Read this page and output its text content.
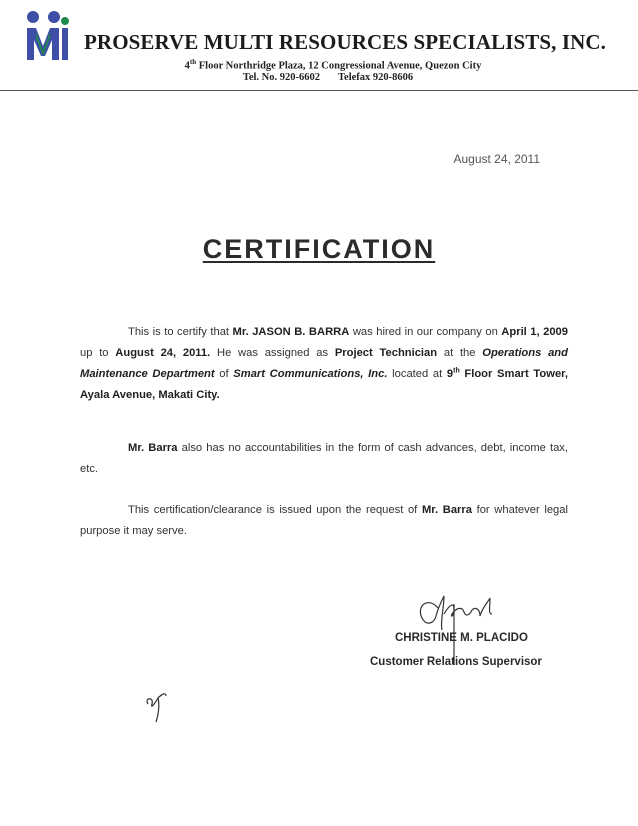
PROSERVE MULTI RESOURCES SPECIALISTS, INC.
4th Floor Northridge Plaza, 12 Congressional Avenue, Quezon City
Tel. No. 920-6602 Telefax 920-8606
August 24, 2011
CERTIFICATION
This is to certify that Mr. JASON B. BARRA was hired in our company on April 1, 2009 up to August 24, 2011. He was assigned as Project Technician at the Operations and Maintenance Department of Smart Communications, Inc. located at 9th Floor Smart Tower, Ayala Avenue, Makati City.
Mr. Barra also has no accountabilities in the form of cash advances, debt, income tax, etc.
This certification/clearance is issued upon the request of Mr. Barra for whatever legal purpose it may serve.
CHRISTINE M. PLACIDO
Customer Relations Supervisor
